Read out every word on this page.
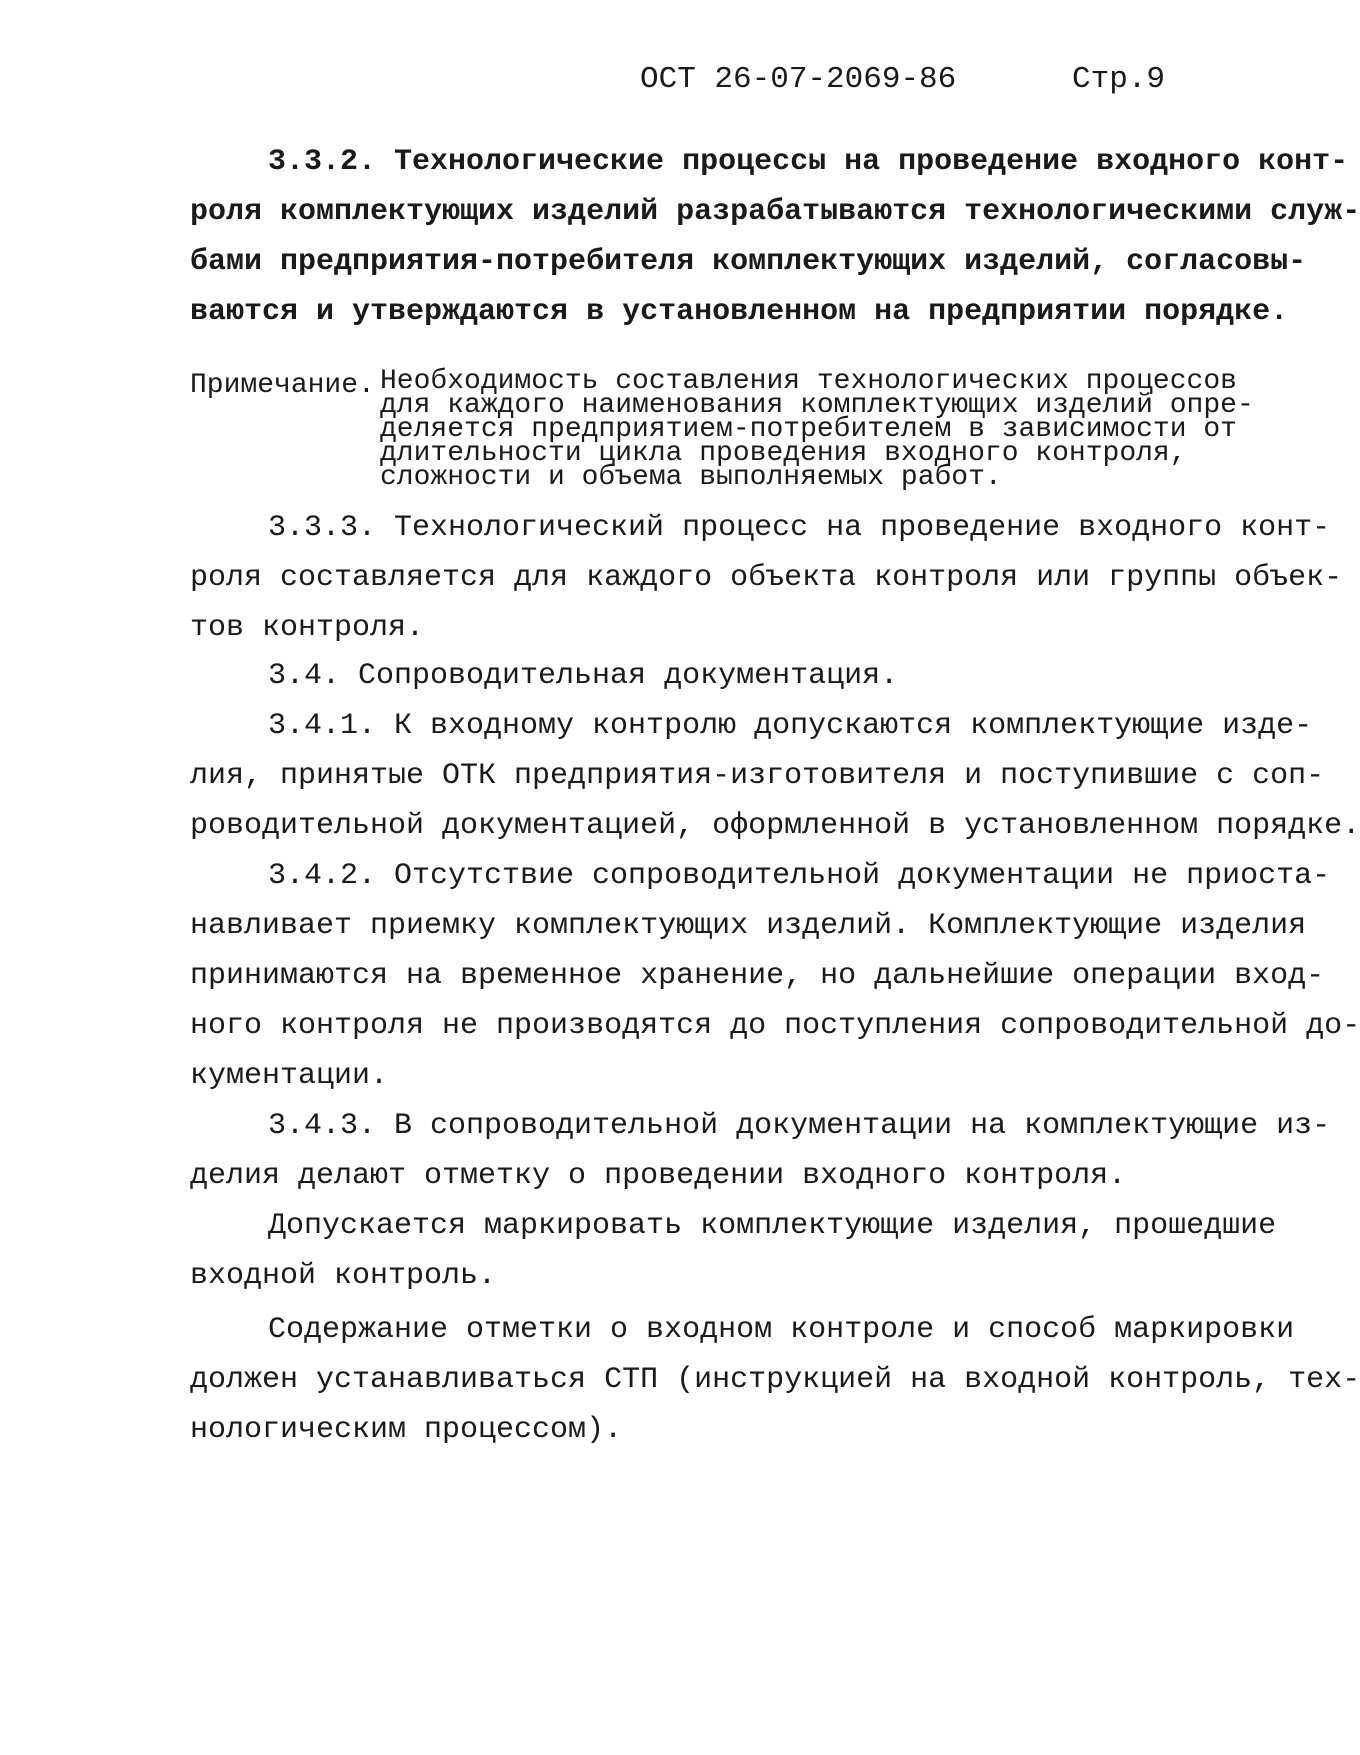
ОСТ 26-07-2069-86	Стр.9
3.3.2. Технологические процессы на проведение входного конт-
роля комплектующих изделий разрабатываются технологическими служ-
бами предприятия-потребителя комплектующих изделий, согласовы-
ваются и утверждаются в установленном на предприятии порядке.
Примечание. Необходимость составления технологических процессов
для каждого наименования комплектующих изделий опре-
деляется предприятием-потребителем в зависимости от
длительности цикла проведения входного контроля,
сложности и объема выполняемых работ.
3.3.3. Технологический процесс на проведение входного конт-
роля составляется для каждого объекта контроля или группы объек-
тов контроля.
3.4. Сопроводительная документация.
3.4.1. К входному контролю допускаются комплектующие изде-
лия, принятые ОТК предприятия-изготовителя и поступившие с соп-
роводительной документацией, оформленной в установленном порядке.
3.4.2. Отсутствие сопроводительной документации не приоста-
навливает приемку комплектующих изделий. Комплектующие изделия
принимаются на временное хранение, но дальнейшие операции вход-
ного контроля не производятся до поступления сопроводительной до-
кументации.
3.4.3. В сопроводительной документации на комплектующие из-
делия делают отметку о проведении входного контроля.
Допускается маркировать комплектующие изделия, прошедшие
входной контроль.
Содержание отметки о входном контроле и способ маркировки
должен устанавливаться СТП (инструкцией на входной контроль, тех-
нологическим процессом).
